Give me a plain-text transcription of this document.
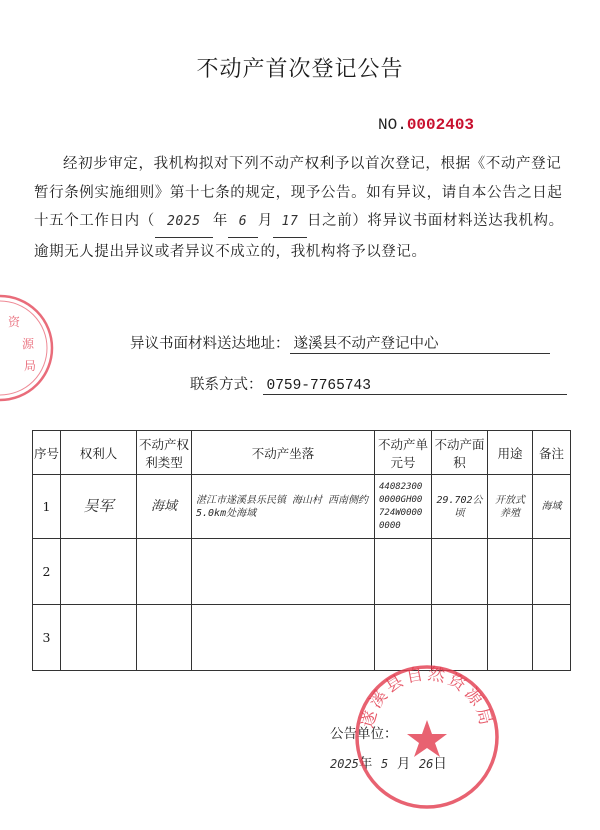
不动产首次登记公告
NO.0002403

经初步审定，我机构拟对下列不动产权利予以首次登记，根据《不动产登记暂行条例实施细则》第十七条的规定，现予公告。如有异议，请自本公告之日起十五个工作日内（ 2025 年 6 月 17 日之前）将异议书面材料送达我机构。逾期无人提出异议或者异议不成立的，我机构将予以登记。

异议书面材料送达地址： 遂溪县不动产登记中心
联系方式： 0759-7765743
序号	权利人	不动产权利类型	不动产坐落	不动产单元号	不动产面积	用途	备注
1	吴军	海域	湛江市遂溪县乐民镇 海山村 西南侧约5.0km处海域	440823000000GH00724W00000000	29.702公顷	开放式养殖	海域
2							
3							
公告单位：
2025年 5 月 26日
资
源
局
遂溪县自然资源局
